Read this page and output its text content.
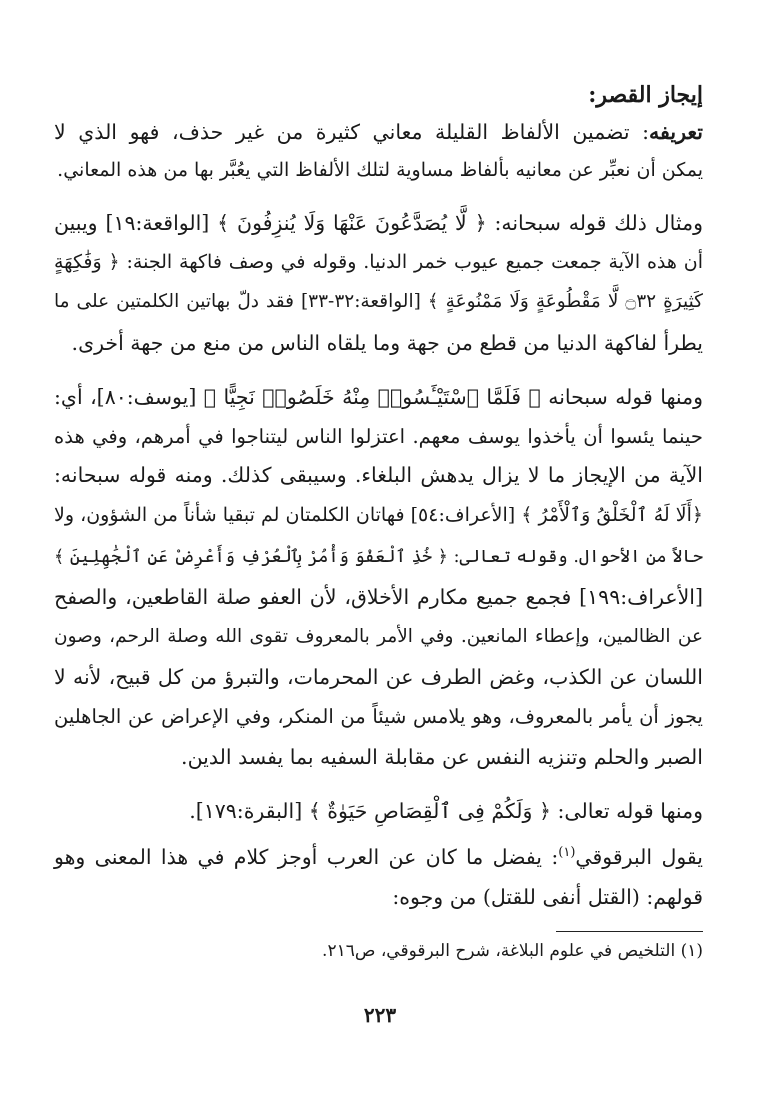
إيجاز القصر:
تعريفه: تضمين الألفاظ القليلة معاني كثيرة من غير حذف، فهو الذي لا
يمكن أن نعبِّر عن معانيه بألفاظ مساوية لتلك الألفاظ التي يعُبَّر بها من هذه المعاني.
ومثال ذلك قوله سبحانه: ﴿ لَّا يُصَدَّعُونَ عَنْهَا وَلَا يُنزِفُونَ ﴾ [الواقعة:١٩] ويبين
أن هذه الآية جمعت جميع عيوب خمر الدنيا. وقوله في وصف فاكهة الجنة: ﴿ وَفَٰكِهَةٍ
كَثِيرَةٍ ۝٣٢ لَّا مَقْطُوعَةٍ وَلَا مَمْنُوعَةٍ ﴾ [الواقعة:٣٢-٣٣] فقد دلّ بهاتين الكلمتين على ما
يطرأ لفاكهة الدنيا من قطع من جهة وما يلقاه الناس من منع من جهة أخرى.
ومنها قوله سبحانه ﴿ فَلَمَّا ٱسْتَيْـَٔسُوا۟ مِنْهُ خَلَصُوا۟ نَجِيًّا ﴾ [يوسف:٨٠]، أي:
حينما يئسوا أن يأخذوا يوسف معهم. اعتزلوا الناس ليتناجوا في أمرهم، وفي هذه
الآية من الإيجاز ما لا يزال يدهش البلغاء. وسيبقى كذلك. ومنه قوله سبحانه:
﴿أَلَا لَهُ ٱلْخَلْقُ وَٱلْأَمْرُ ﴾ [الأعراف:٥٤] فهاتان الكلمتان لم تبقيا شأناً من الشؤون، ولا
حالاً من الأحوال. وقوله تعالى: ﴿ خُذِ ٱلْعَفْوَ وَأْمُرْ بِٱلْعُرْفِ وَأَعْرِضْ عَنِ ٱلْجَٰهِلِينَ ﴾
[الأعراف:١٩٩] فجمع جميع مكارم الأخلاق، لأن العفو صلة القاطعين، والصفح
عن الظالمين، وإعطاء المانعين. وفي الأمر بالمعروف تقوى الله وصلة الرحم، وصون
اللسان عن الكذب، وغض الطرف عن المحرمات، والتبرؤ من كل قبيح، لأنه لا
يجوز أن يأمر بالمعروف، وهو يلامس شيئاً من المنكر، وفي الإعراض عن الجاهلين
الصبر والحلم وتنزيه النفس عن مقابلة السفيه بما يفسد الدين.
ومنها قوله تعالى: ﴿ وَلَكُمْ فِى ٱلْقِصَاصِ حَيَوٰةٌ ﴾ [البقرة:١٧٩].
يقول البرقوقي$^{(١)}$: يفضل ما كان عن العرب أوجز كلام في هذا المعنى وهو
قولهم: (القتل أنفى للقتل) من وجوه:
(١) التلخيص في علوم البلاغة، شرح البرقوقي، ص٢١٦.
٢٢٣
